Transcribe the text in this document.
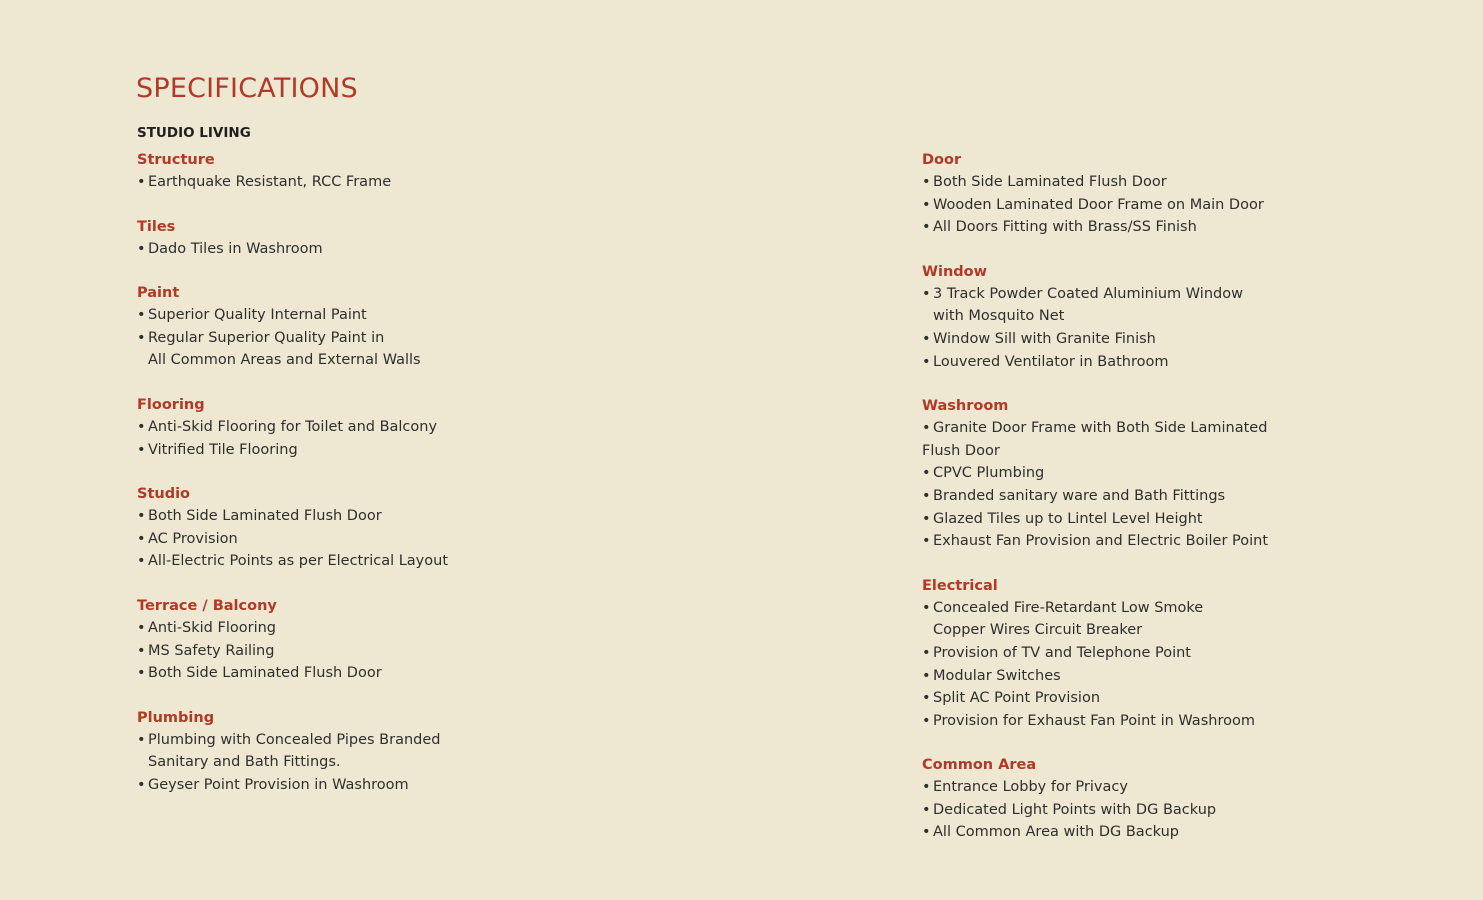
SPECIFICATIONS
STUDIO LIVING
Structure
• Earthquake Resistant, RCC Frame
Tiles
• Dado Tiles in Washroom
Paint
• Superior Quality Internal Paint
• Regular Superior Quality Paint in
All Common Areas and External Walls
Flooring
• Anti-Skid Flooring for Toilet and Balcony
• Vitrified Tile Flooring
Studio
• Both Side Laminated Flush Door
• AC Provision
• All-Electric Points as per Electrical Layout
Terrace / Balcony
• Anti-Skid Flooring
• MS Safety Railing
• Both Side Laminated Flush Door
Plumbing
• Plumbing with Concealed Pipes Branded
Sanitary and Bath Fittings.
• Geyser Point Provision in Washroom
Door
• Both Side Laminated Flush Door
• Wooden Laminated Door Frame on Main Door
• All Doors Fitting with Brass/SS Finish
Window
• 3 Track Powder Coated Aluminium Window
with Mosquito Net
• Window Sill with Granite Finish
• Louvered Ventilator in Bathroom
Washroom
• Granite Door Frame with Both Side Laminated
Flush Door
• CPVC Plumbing
• Branded sanitary ware and Bath Fittings
• Glazed Tiles up to Lintel Level Height
• Exhaust Fan Provision and Electric Boiler Point
Electrical
• Concealed Fire-Retardant Low Smoke
Copper Wires Circuit Breaker
• Provision of TV and Telephone Point
• Modular Switches
• Split AC Point Provision
• Provision for Exhaust Fan Point in Washroom
Common Area
• Entrance Lobby for Privacy
• Dedicated Light Points with DG Backup
• All Common Area with DG Backup
